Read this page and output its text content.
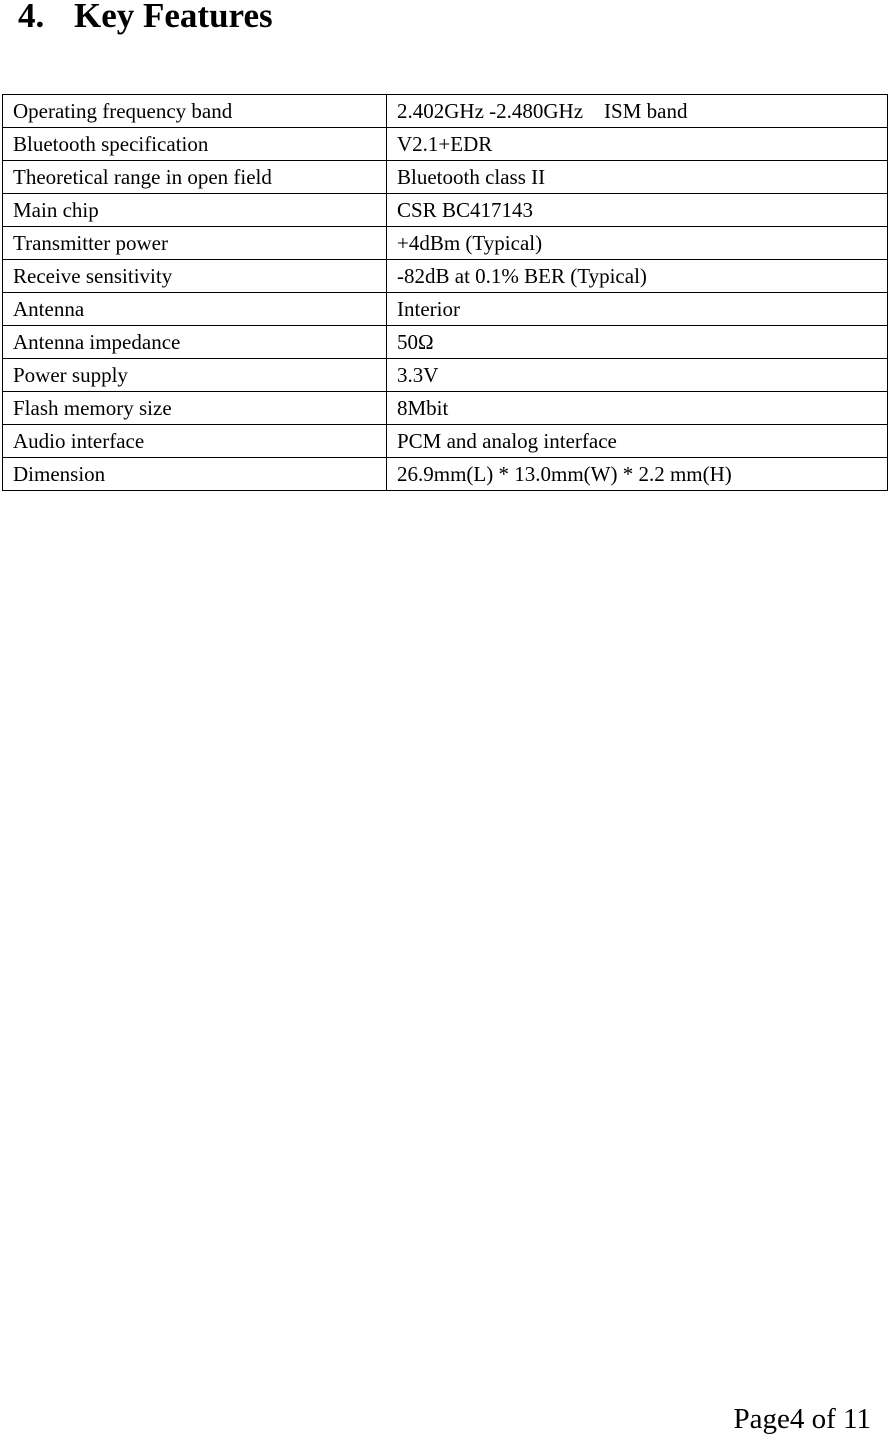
4. Key Features
Operating frequency band	2.402GHz -2.480GHz    ISM band
Bluetooth specification	V2.1+EDR
Theoretical range in open field	Bluetooth class II
Main chip	CSR BC417143
Transmitter power	+4dBm (Typical)
Receive sensitivity	-82dB at 0.1% BER (Typical)
Antenna	Interior
Antenna impedance	50Ω
Power supply	3.3V
Flash memory size	8Mbit
Audio interface	PCM and analog interface
Dimension	26.9mm(L) * 13.0mm(W) * 2.2 mm(H)
Page4 of 11
